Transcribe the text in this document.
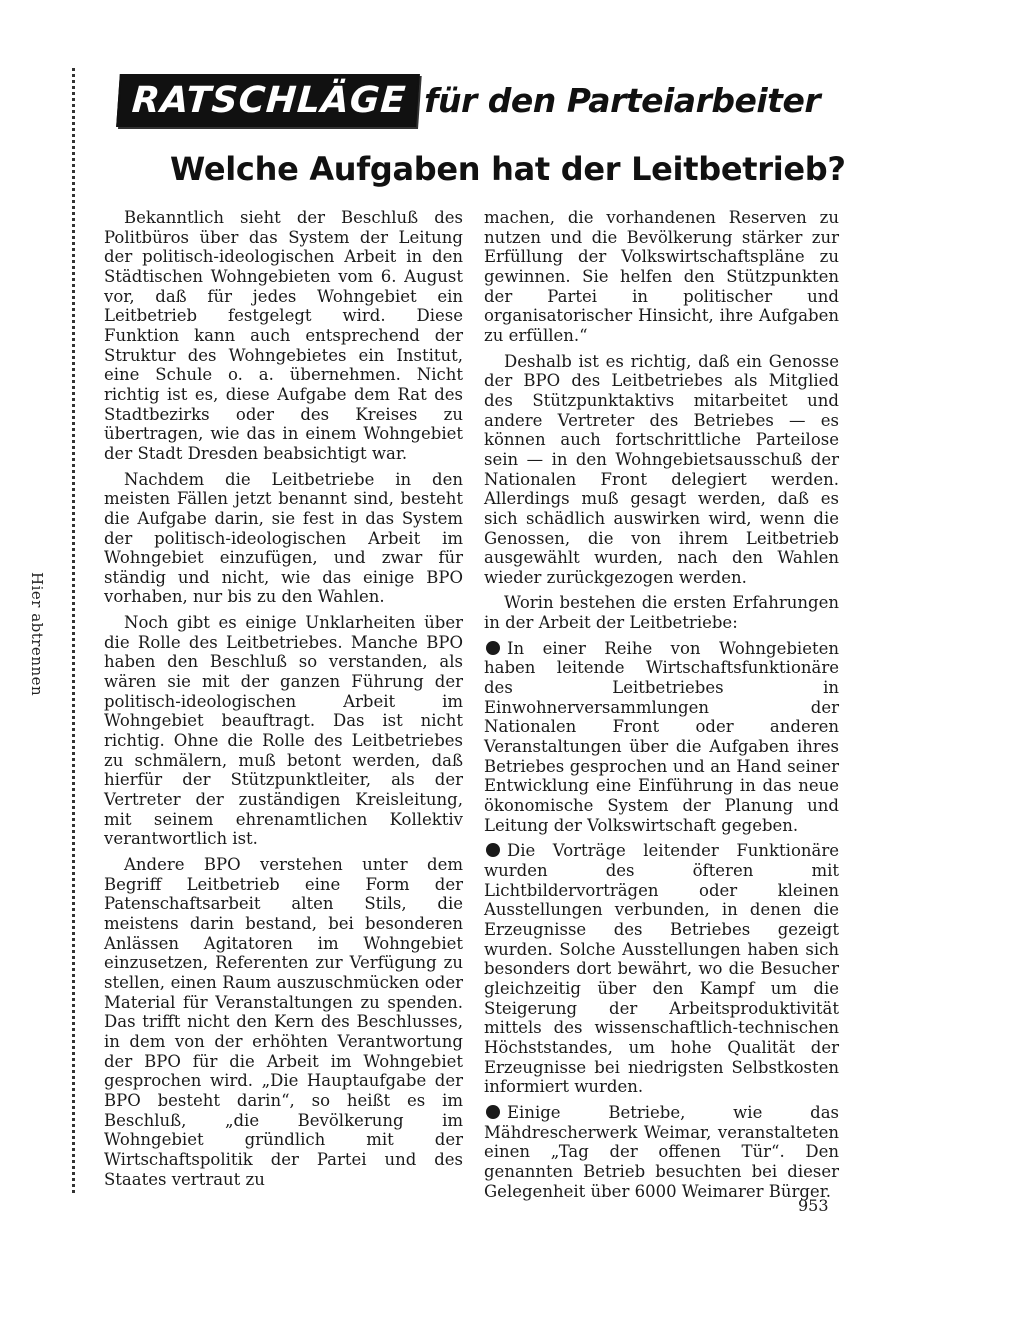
Hier abtrennen
RATSCHLÄGE für den Parteiarbeiter
Welche Aufgaben hat der Leitbetrieb?

Bekanntlich sieht der Beschluß des Politbüros über das System der Leitung der politisch-ideologischen Arbeit in den Städtischen Wohngebieten vom 6. August vor, daß für jedes Wohngebiet ein Leitbetrieb festgelegt wird. Diese Funktion kann auch entsprechend der Struktur des Wohngebietes ein Institut, eine Schule o. a. übernehmen. Nicht richtig ist es, diese Aufgabe dem Rat des Stadtbezirks oder des Kreises zu übertragen, wie das in einem Wohngebiet der Stadt Dresden beabsichtigt war.

Nachdem die Leitbetriebe in den meisten Fällen jetzt benannt sind, besteht die Aufgabe darin, sie fest in das System der politisch-ideologischen Arbeit im Wohngebiet einzufügen, und zwar für ständig und nicht, wie das einige BPO vorhaben, nur bis zu den Wahlen.

Noch gibt es einige Unklarheiten über die Rolle des Leitbetriebes. Manche BPO haben den Beschluß so verstanden, als wären sie mit der ganzen Führung der politisch-ideologischen Arbeit im Wohngebiet beauftragt. Das ist nicht richtig. Ohne die Rolle des Leitbetriebes zu schmälern, muß betont werden, daß hierfür der Stützpunktleiter, als der Vertreter der zuständigen Kreisleitung, mit seinem ehrenamtlichen Kollektiv verantwortlich ist.

Andere BPO verstehen unter dem Begriff Leitbetrieb eine Form der Patenschaftsarbeit alten Stils, die meistens darin bestand, bei besonderen Anlässen Agitatoren im Wohngebiet einzusetzen, Referenten zur Verfügung zu stellen, einen Raum auszuschmücken oder Material für Veranstaltungen zu spenden. Das trifft nicht den Kern des Beschlusses, in dem von der erhöhten Verantwortung der BPO für die Arbeit im Wohngebiet gesprochen wird. „Die Hauptaufgabe der BPO besteht darin“, so heißt es im Beschluß, „die Bevölkerung im Wohngebiet gründlich mit der Wirtschaftspolitik der Partei und des Staates vertraut zu

machen, die vorhandenen Reserven zu nutzen und die Bevölkerung stärker zur Erfüllung der Volkswirtschaftspläne zu gewinnen. Sie helfen den Stützpunkten der Partei in politischer und organisatorischer Hinsicht, ihre Aufgaben zu erfüllen.“

Deshalb ist es richtig, daß ein Genosse der BPO des Leitbetriebes als Mitglied des Stützpunktaktivs mitarbeitet und andere Vertreter des Betriebes — es können auch fortschrittliche Parteilose sein — in den Wohngebietsausschuß der Nationalen Front delegiert werden. Allerdings muß gesagt werden, daß es sich schädlich auswirken wird, wenn die Genossen, die von ihrem Leitbetrieb ausgewählt wurden, nach den Wahlen wieder zurückgezogen werden.

Worin bestehen die ersten Erfahrungen in der Arbeit der Leitbetriebe:

In einer Reihe von Wohngebieten haben leitende Wirtschaftsfunktionäre des Leitbetriebes in Einwohnerversammlungen der Nationalen Front oder anderen Veranstaltungen über die Aufgaben ihres Betriebes gesprochen und an Hand seiner Entwicklung eine Einführung in das neue ökonomische System der Planung und Leitung der Volkswirtschaft gegeben.

Die Vorträge leitender Funktionäre wurden des öfteren mit Lichtbildervorträgen oder kleinen Ausstellungen verbunden, in denen die Erzeugnisse des Betriebes gezeigt wurden. Solche Ausstellungen haben sich besonders dort bewährt, wo die Besucher gleichzeitig über den Kampf um die Steigerung der Arbeitsproduktivität mittels des wissenschaftlich-technischen Höchststandes, um hohe Qualität der Erzeugnisse bei niedrigsten Selbstkosten informiert wurden.

Einige Betriebe, wie das Mähdrescherwerk Weimar, veranstalteten einen „Tag der offenen Tür“. Den genannten Betrieb besuchten bei dieser Gelegenheit über 6000 Weimarer Bürger.

953
